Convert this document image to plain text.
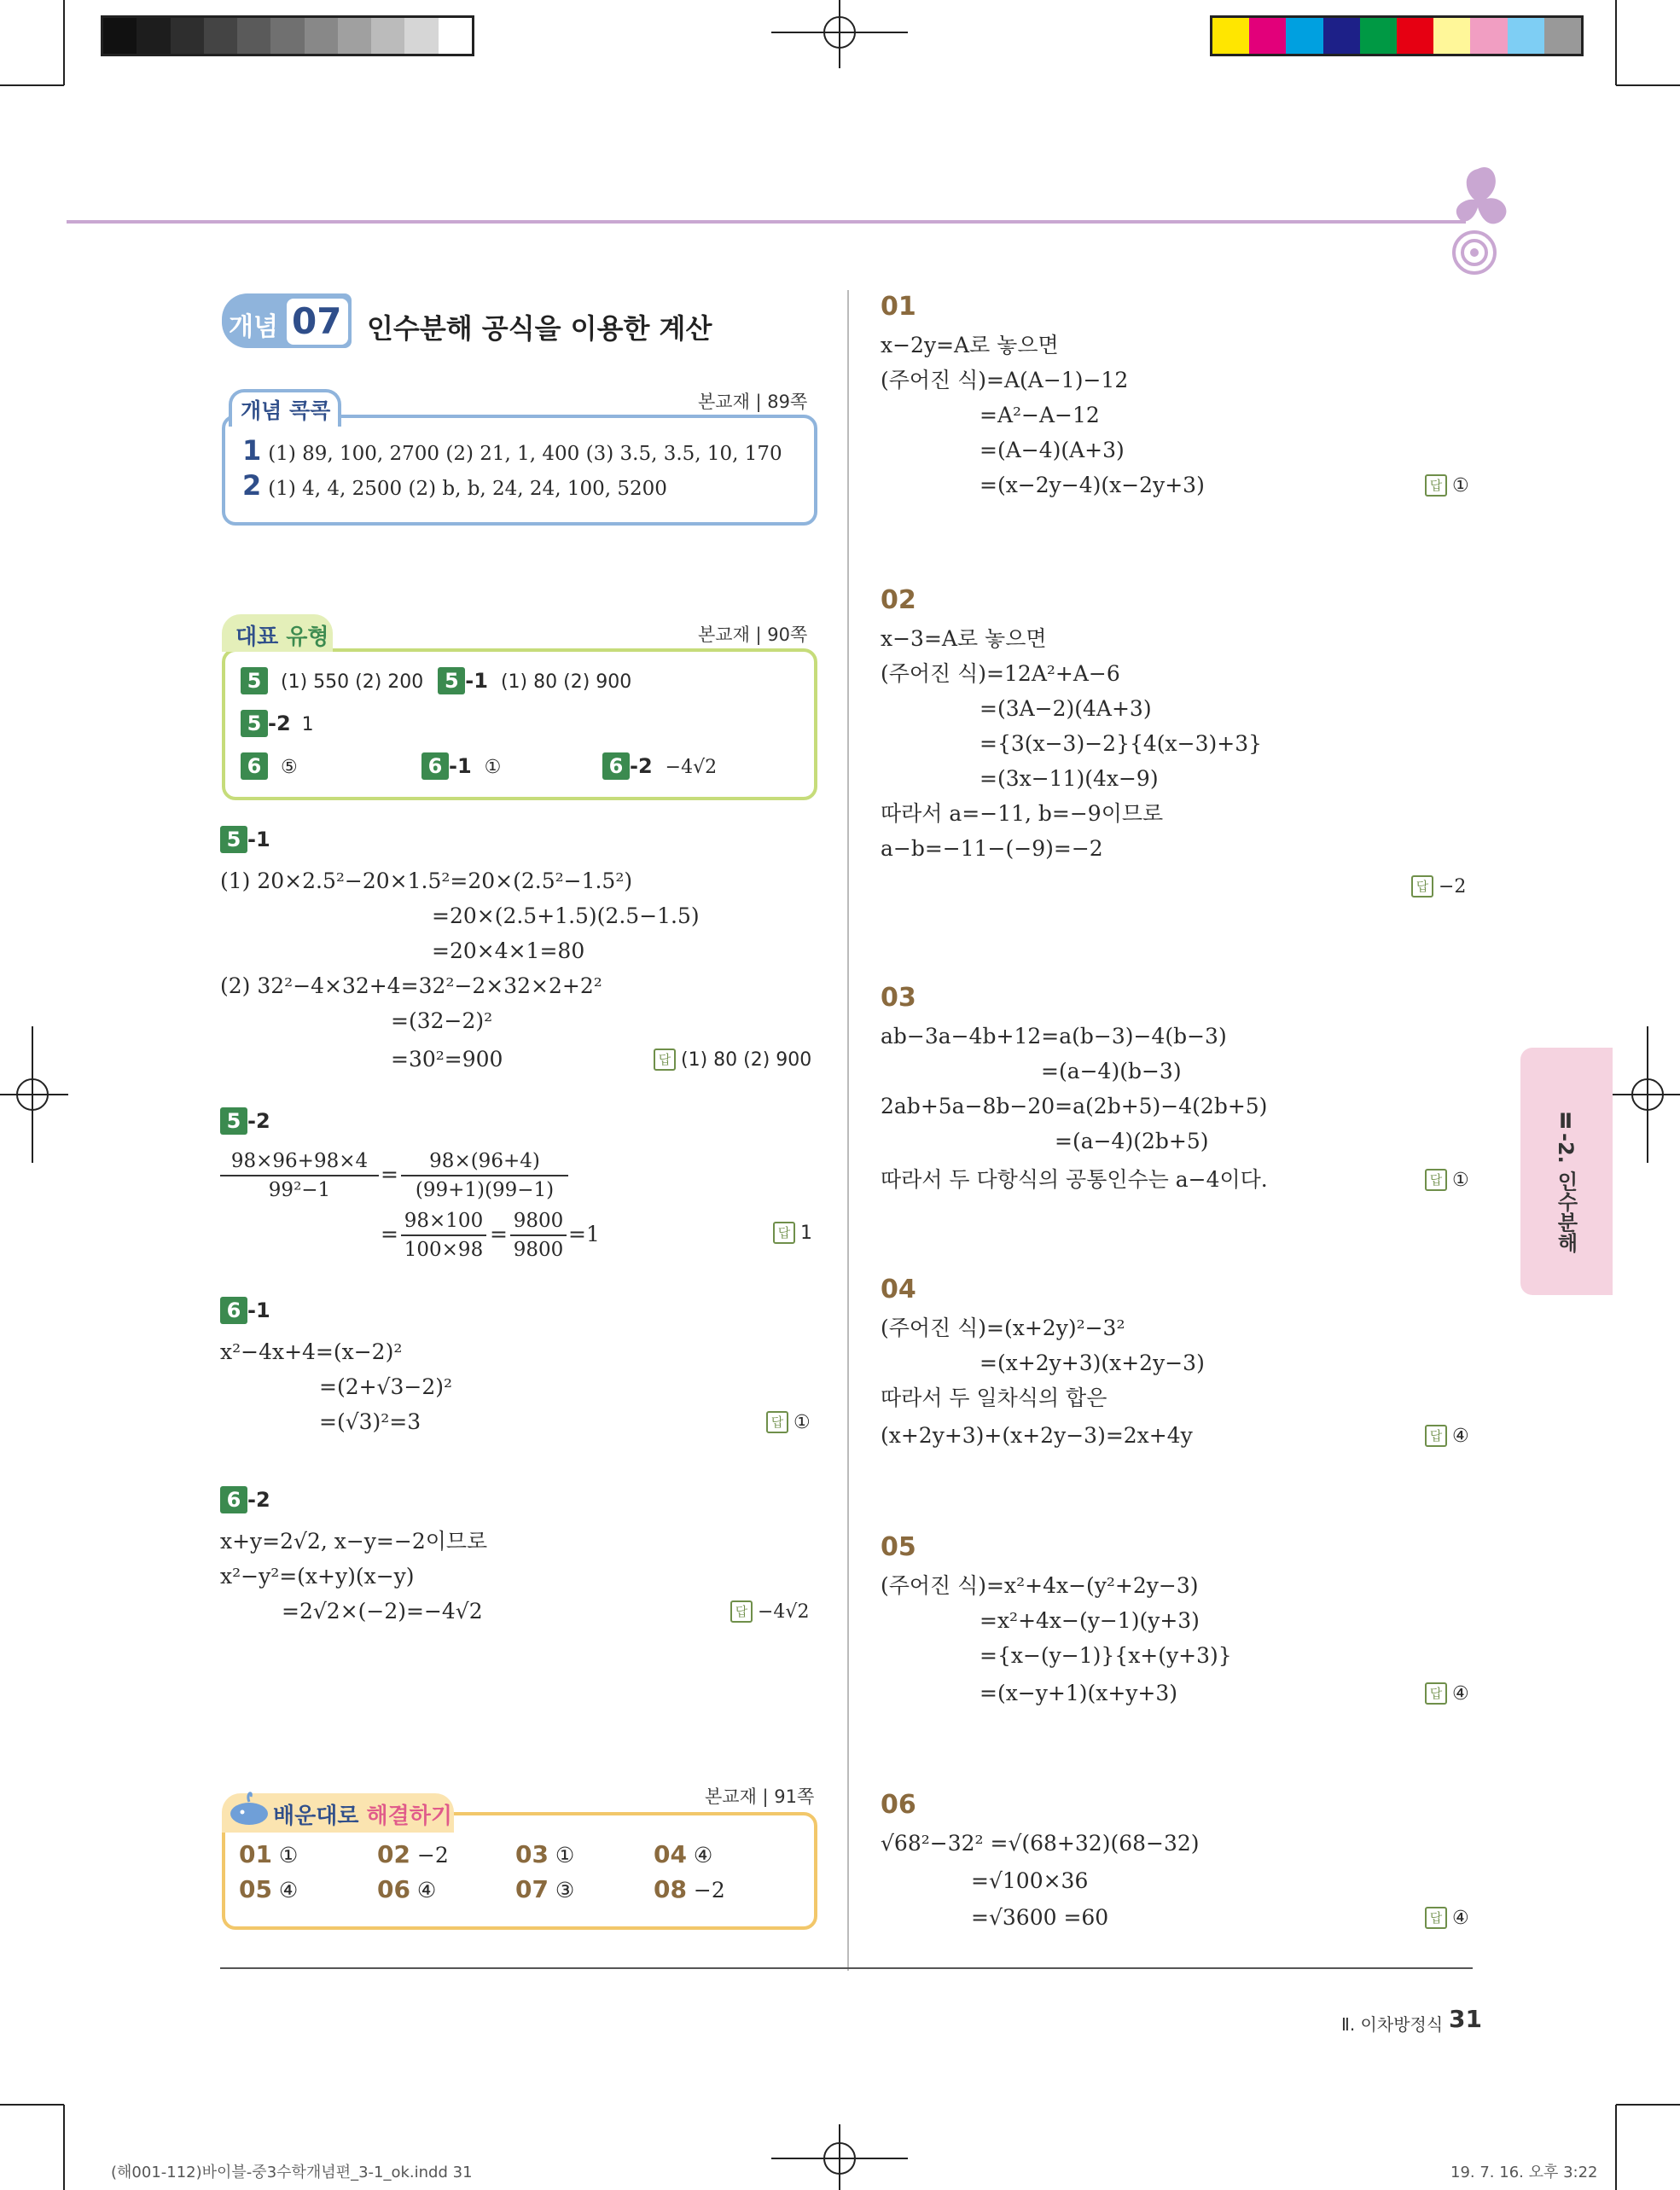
개념 07 인수분해 공식을 이용한 계산
개념 콕콕	본교재 | 89쪽
1 (1) 89, 100, 2700 (2) 21, 1, 400 (3) 3.5, 3.5, 10, 170
2 (1) 4, 4, 2500 (2) b, b, 24, 24, 100, 5200
대표 유형	본교재 | 90쪽
5 (1) 550 (2) 200 5 -1 (1) 80 (2) 900
5 -2 1
6 ⑤	6 -1 ①	6 -2 −4√2
5 -1
(1) 20×2.5²−20×1.5²=20×(2.5²−1.5²)
=20×(2.5+1.5)(2.5−1.5)
=20×4×1=80
(2) 32²−4×32+4=32²−2×32×2+2²
=(32−2)²
=30²=900	답 (1) 80 (2) 900
5 -2
98×96+98×4
99²−1
=
98×(96+4)
(99+1)(99−1)
=
98×100
100×98
=
9800
9800
=1	답 1
6 -1
x²−4x+4=(x−2)²
=(2+√3−2)²
=(√3)²=3	답 ①
6 -2
x+y=2√2, x−y=−2이므로
x²−y²=(x+y)(x−y)
=2√2×(−2)=−4√2	답 −4√2
배운대로 해결하기
본교재 | 91쪽
01 ①	02 −2	03 ①	04 ④
05 ④	06 ④	07 ③	08 −2
01
x−2y=A로 놓으면
(주어진 식)=A(A−1)−12
=A²−A−12
=(A−4)(A+3)
=(x−2y−4)(x−2y+3)	답 ①
02
x−3=A로 놓으면
(주어진 식)=12A²+A−6
=(3A−2)(4A+3)
={3(x−3)−2}{4(x−3)+3}
=(3x−11)(4x−9)
따라서 a=−11, b=−9이므로
a−b=−11−(−9)=−2
답 −2
03
ab−3a−4b+12=a(b−3)−4(b−3)
=(a−4)(b−3)
2ab+5a−8b−20=a(2b+5)−4(2b+5)
=(a−4)(2b+5)
따라서 두 다항식의 공통인수는 a−4이다.	답 ①
04
(주어진 식)=(x+2y)²−3²
=(x+2y+3)(x+2y−3)
따라서 두 일차식의 합은
(x+2y+3)+(x+2y−3)=2x+4y	답 ④
05
(주어진 식)=x²+4x−(y²+2y−3)
=x²+4x−(y−1)(y+3)
={x−(y−1)}{x+(y+3)}
=(x−y+1)(x+y+3)	답 ④
06
√68²−32² =√(68+32)(68−32)
=√100×36
=√3600 =60	답 ④
Ⅱ-2. 인수분해
Ⅱ. 이차방정식 31
(해001-112)바이블-중3수학개념편_3-1_ok.indd 31	19. 7. 16. 오후 3:22
